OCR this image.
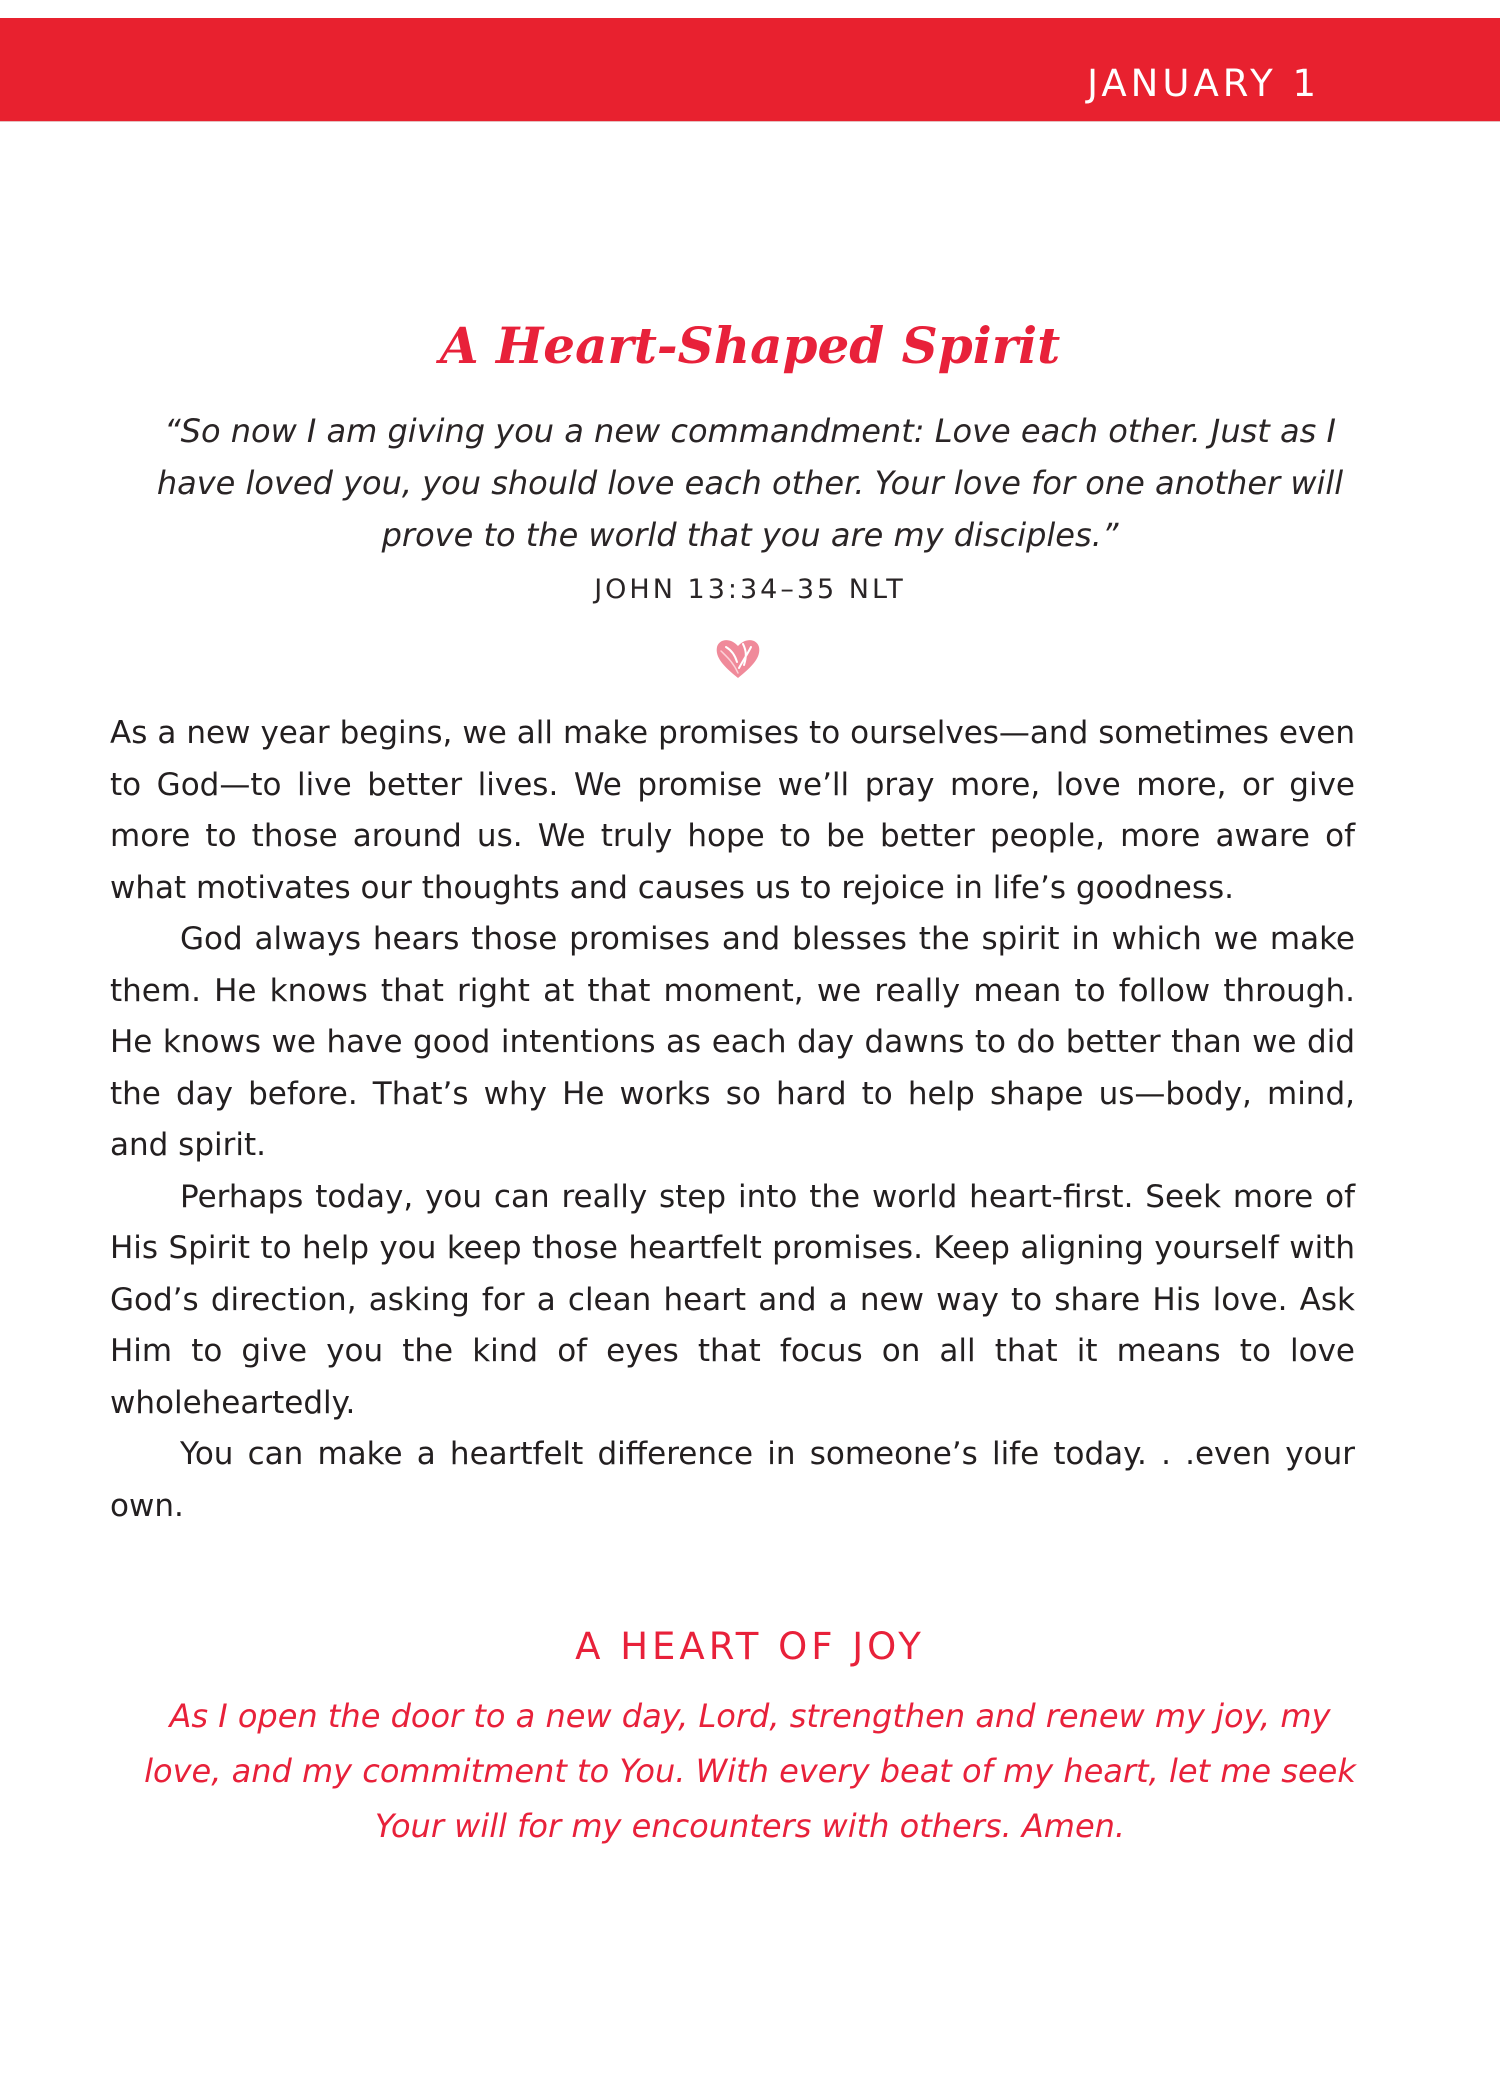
JANUARY 1
A Heart-Shaped Spirit
“So now I am giving you a new commandment: Love each other. Just as I have loved you, you should love each other. Your love for one another will prove to the world that you are my disciples.”
JOHN 13:34–35 NLT

As a new year begins, we all make promises to ourselves—and sometimes even to God—to live better lives. We promise we’ll pray more, love more, or give more to those around us. We truly hope to be better people, more aware of what motivates our thoughts and causes us to rejoice in life’s goodness.

God always hears those promises and blesses the spirit in which we make them. He knows that right at that moment, we really mean to follow through. He knows we have good intentions as each day dawns to do better than we did the day before. That’s why He works so hard to help shape us—body, mind, and spirit.

Perhaps today, you can really step into the world heart-first. Seek more of His Spirit to help you keep those heartfelt promises. Keep aligning yourself with God’s direction, asking for a clean heart and a new way to share His love. Ask Him to give you the kind of eyes that focus on all that it means to love wholeheartedly.

You can make a heartfelt difference in someone’s life today. . .even your own.

A HEART OF JOY
As I open the door to a new day, Lord, strengthen and renew my joy, my love, and my commitment to You. With every beat of my heart, let me seek Your will for my encounters with others. Amen.
